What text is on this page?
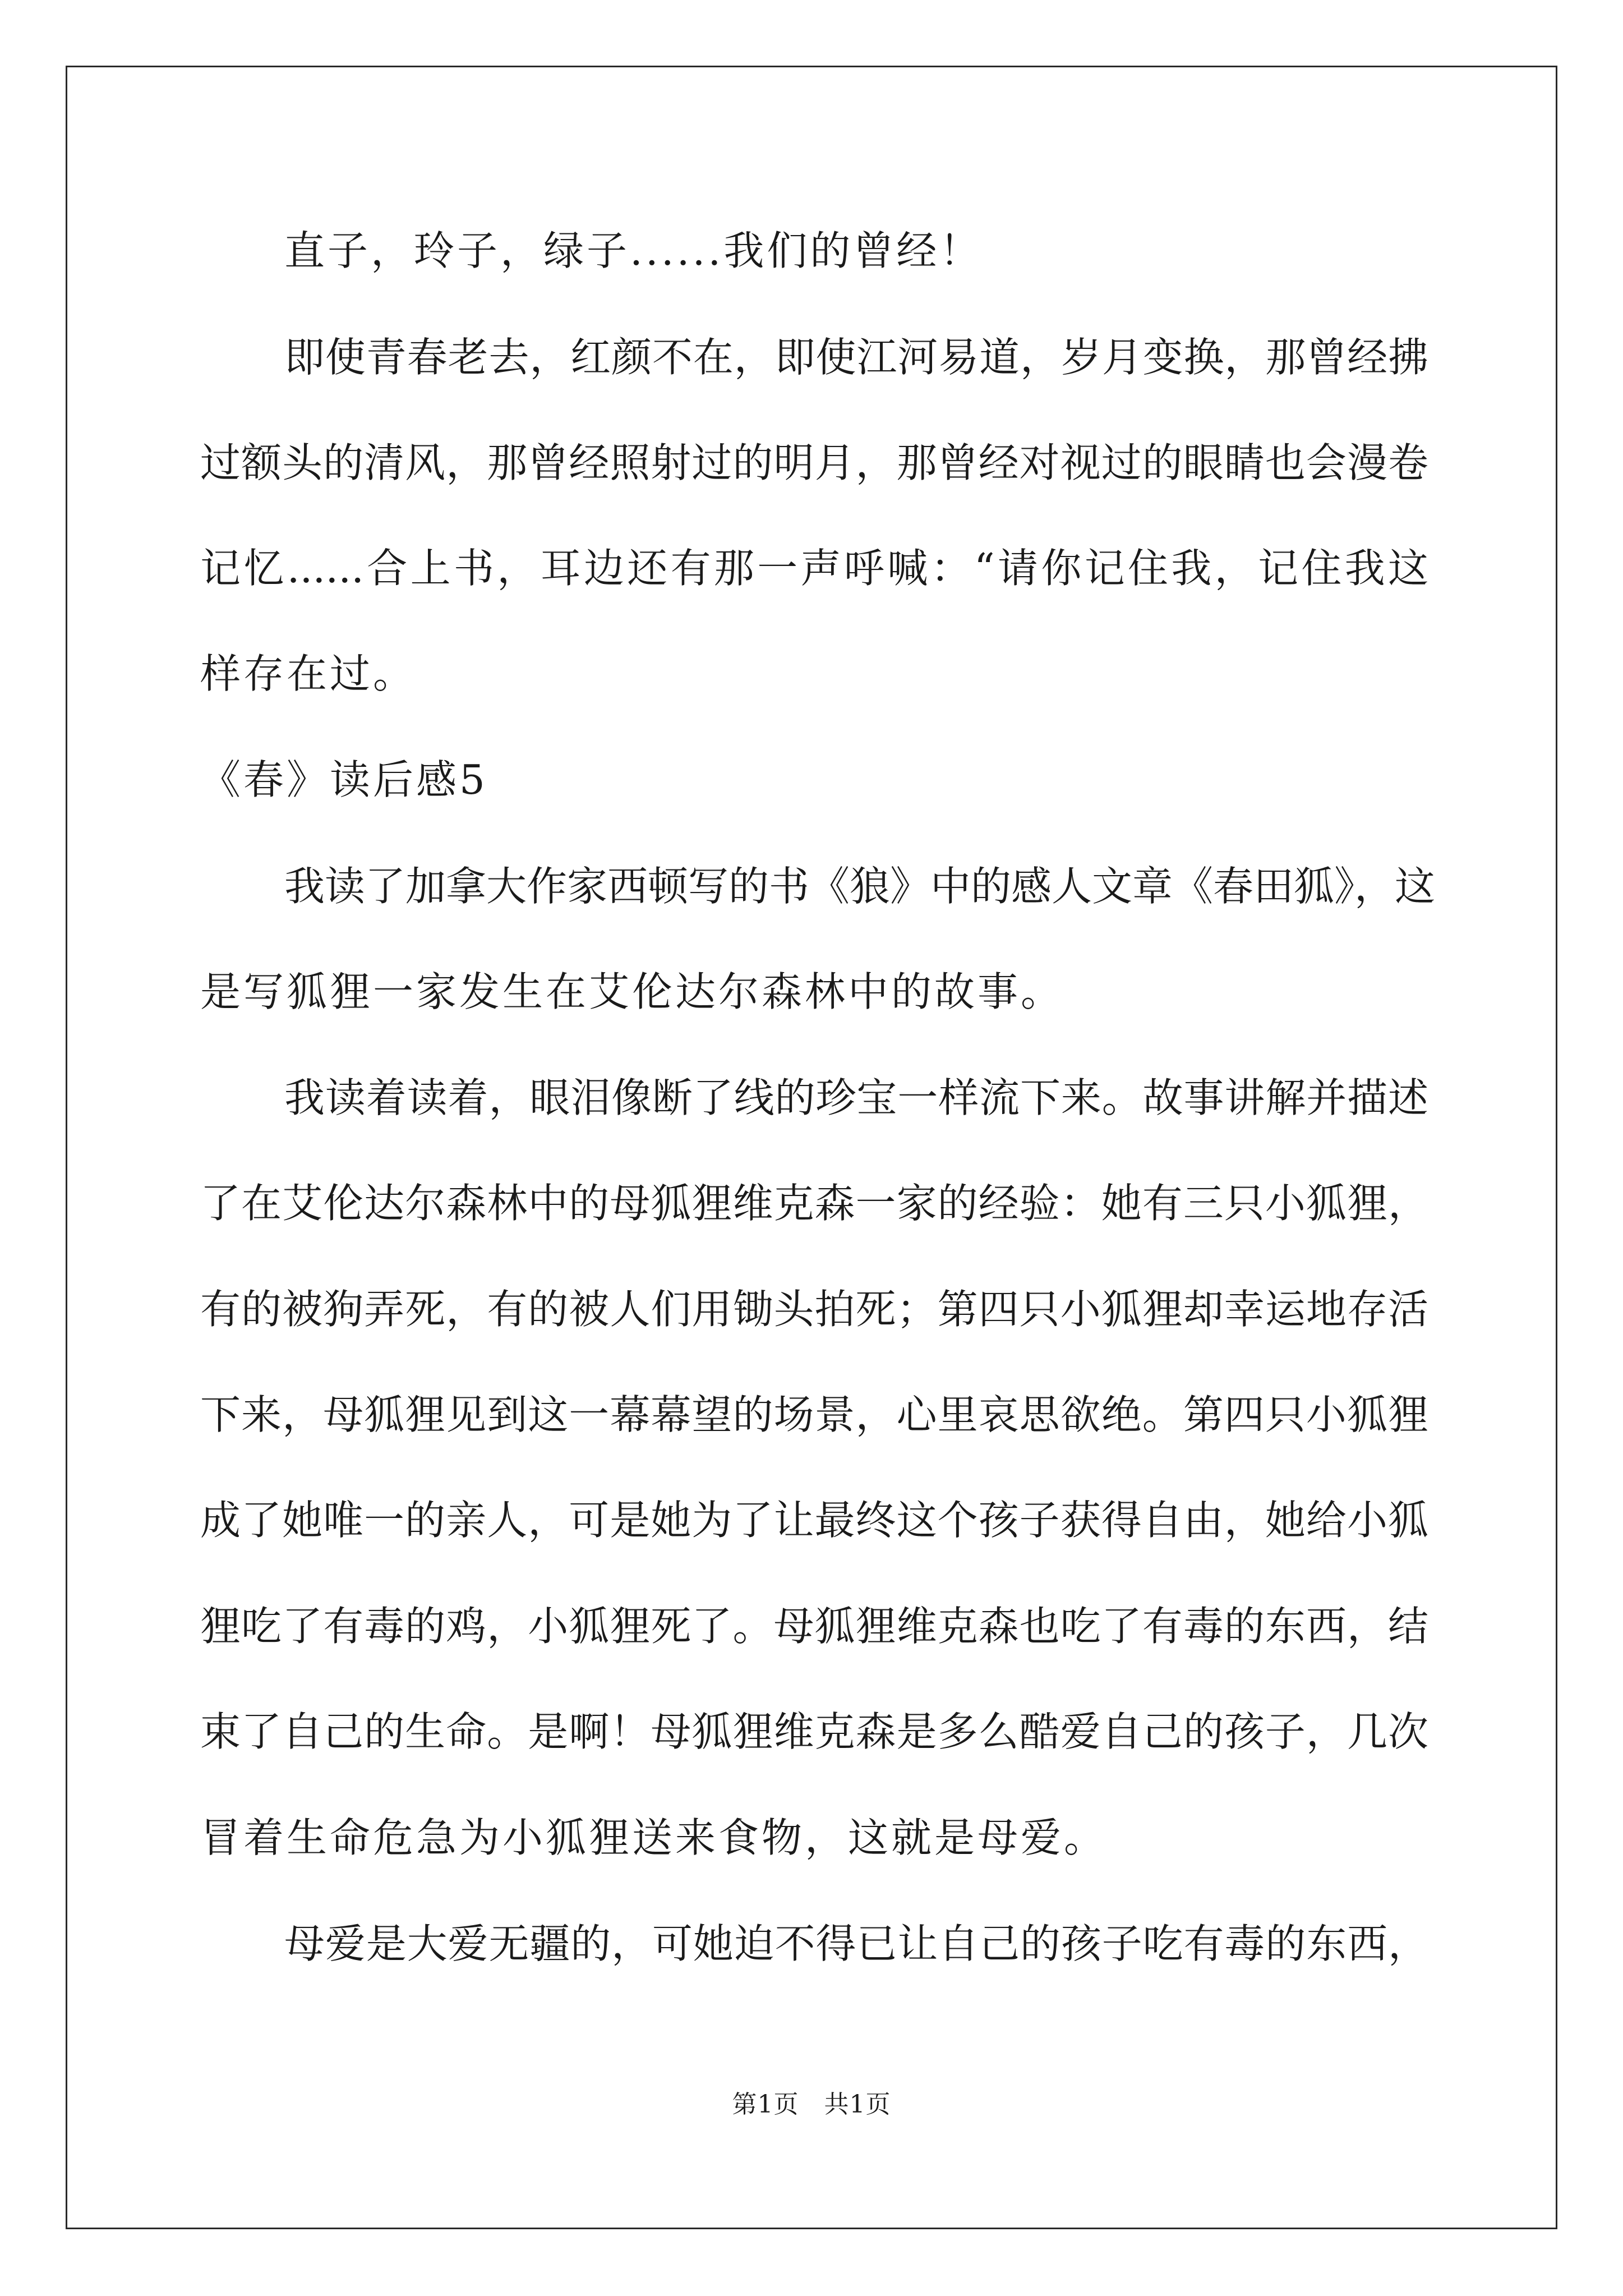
直子，玲子，绿子......我们的曾经！
即使青春老去，红颜不在，即使江河易道，岁月变换，那曾经拂
过额头的清风，那曾经照射过的明月，那曾经对视过的眼睛也会漫卷
记忆......合上书，耳边还有那一声呼喊：“请你记住我，记住我这
样存在过。
《春》读后感5
我读了加拿大作家西顿写的书《狼》中的感人文章《春田狐》，这
是写狐狸一家发生在艾伦达尔森林中的故事。
我读着读着，眼泪像断了线的珍宝一样流下来。故事讲解并描述
了在艾伦达尔森林中的母狐狸维克森一家的经验：她有三只小狐狸，
有的被狗弄死，有的被人们用锄头拍死；第四只小狐狸却幸运地存活
下来，母狐狸见到这一幕幕望的场景，心里哀思欲绝。第四只小狐狸
成了她唯一的亲人，可是她为了让最终这个孩子获得自由，她给小狐
狸吃了有毒的鸡，小狐狸死了。母狐狸维克森也吃了有毒的东西，结
束了自己的生命。是啊！母狐狸维克森是多么酷爱自己的孩子，几次
冒着生命危急为小狐狸送来食物，这就是母爱。
母爱是大爱无疆的，可她迫不得已让自己的孩子吃有毒的东西，
第1页　共1页
